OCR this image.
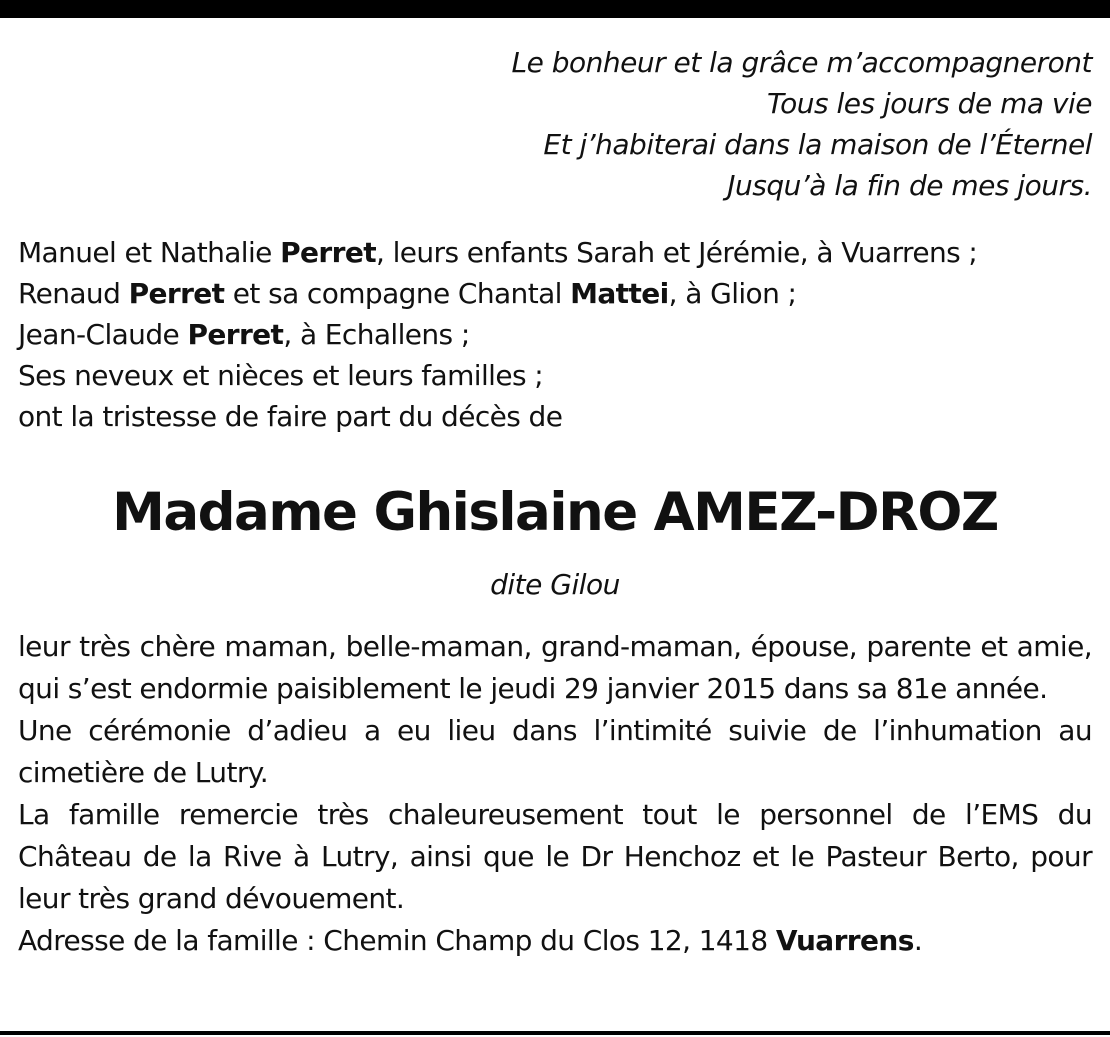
Le bonheur et la grâce m’accompagneront
Tous les jours de ma vie
Et j’habiterai dans la maison de l’Éternel
Jusqu’à la fin de mes jours.
Manuel et Nathalie Perret, leurs enfants Sarah et Jérémie, à Vuarrens ;
Renaud Perret et sa compagne Chantal Mattei, à Glion ;
Jean-Claude Perret, à Echallens ;
Ses neveux et nièces et leurs familles ;
ont la tristesse de faire part du décès de
Madame Ghislaine AMEZ-DROZ
dite Gilou

leur très chère maman, belle-maman, grand-maman, épouse, parente et amie, qui s’est endormie paisiblement le jeudi 29 janvier 2015 dans sa 81e année.

Une cérémonie d’adieu a eu lieu dans l’intimité suivie de l’inhumation au cimetière de Lutry.

La famille remercie très chaleureusement tout le personnel de l’EMS du Château de la Rive à Lutry, ainsi que le Dr Henchoz et le Pasteur Berto, pour leur très grand dévouement.

Adresse de la famille : Chemin Champ du Clos 12, 1418 Vuarrens.
